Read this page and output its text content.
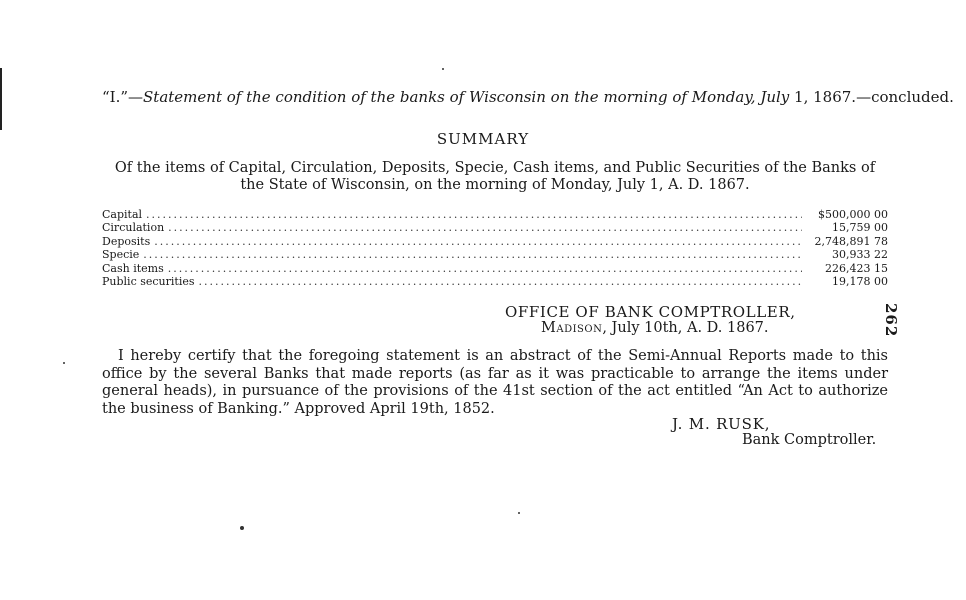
“I.”—Statement of the condition of the banks of Wisconsin on the morning of Monday, July 1, 1867.—concluded.
SUMMARY
Of the items of Capital, Circulation, Deposits, Specie, Cash items, and Public Securities of the Banks of the State of Wisconsin, on the morning of Monday, July 1, A. D. 1867.
Capital .....	$500,000 00
Circulation .....	15,759 00
Deposits .....	2,748,891 78
Specie .....	30,933 22
Cash items .....	226,423 15
Public securities .....	19,178 00
OFFICE OF BANK COMPTROLLER,
Madison, July 10th, A. D. 1867.	262
I hereby certify that the foregoing statement is an abstract of the Semi-Annual Reports made to this office by the several Banks that made reports (as far as it was practicable to arrange the items under general heads), in pursuance of the provisions of the 41st section of the act entitled “An Act to authorize the business of Banking.” Approved April 19th, 1852.
J. M. RUSK,
Bank Comptroller.
